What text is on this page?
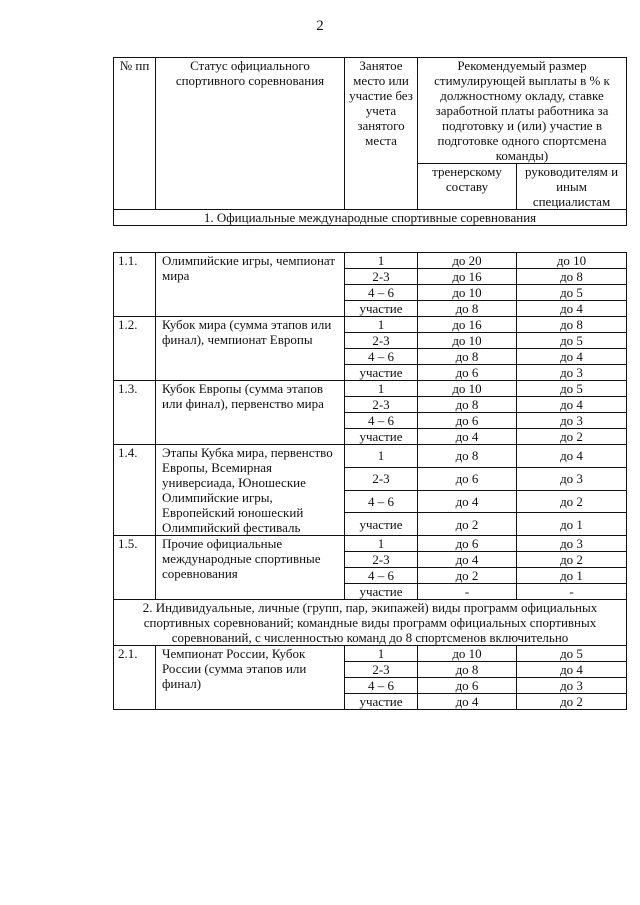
2
№ пп	Статус официального спортивного соревнования	Занятое место или участие без учета занятого места	Рекомендуемый размер стимулирующей выплаты в % к должностному окладу, ставке заработной платы работника за подготовку и (или) участие в подготовке одного спортсмена команды)	
			тренерскому составу	руководителям и иным специалистам
1. Официальные международные спортивные соревнования				

1.1.	Олимпийские игры, чемпионат мира	1	до 20	до 10
		2-3	до 16	до 8
		4 – 6	до 10	до 5
		участие	до 8	до 4
1.2.	Кубок мира (сумма этапов или финал), чемпионат Европы	1	до 16	до 8
		2-3	до 10	до 5
		4 – 6	до 8	до 4
		участие	до 6	до 3
1.3.	Кубок Европы (сумма этапов или финал), первенство мира	1	до 10	до 5
		2-3	до 8	до 4
		4 – 6	до 6	до 3
		участие	до 4	до 2
1.4.	Этапы Кубка мира, первенство Европы, Всемирная универсиада, Юношеские Олимпийские игры, Европейский юношеский Олимпийский фестиваль	1	до 8	до 4
		2-3	до 6	до 3
		4 – 6	до 4	до 2
		участие	до 2	до 1
1.5.	Прочие официальные международные спортивные соревнования	1	до 6	до 3
		2-3	до 4	до 2
		4 – 6	до 2	до 1
		участие	-	-
2. Индивидуальные, личные (групп, пар, экипажей) виды программ официальных спортивных соревнований; командные виды программ официальных спортивных соревнований, с численностью команд до 8 спортсменов включительно				
2.1.	Чемпионат России, Кубок России (сумма этапов или финал)	1	до 10	до 5
		2-3	до 8	до 4
		4 – 6	до 6	до 3
		участие	до 4	до 2
